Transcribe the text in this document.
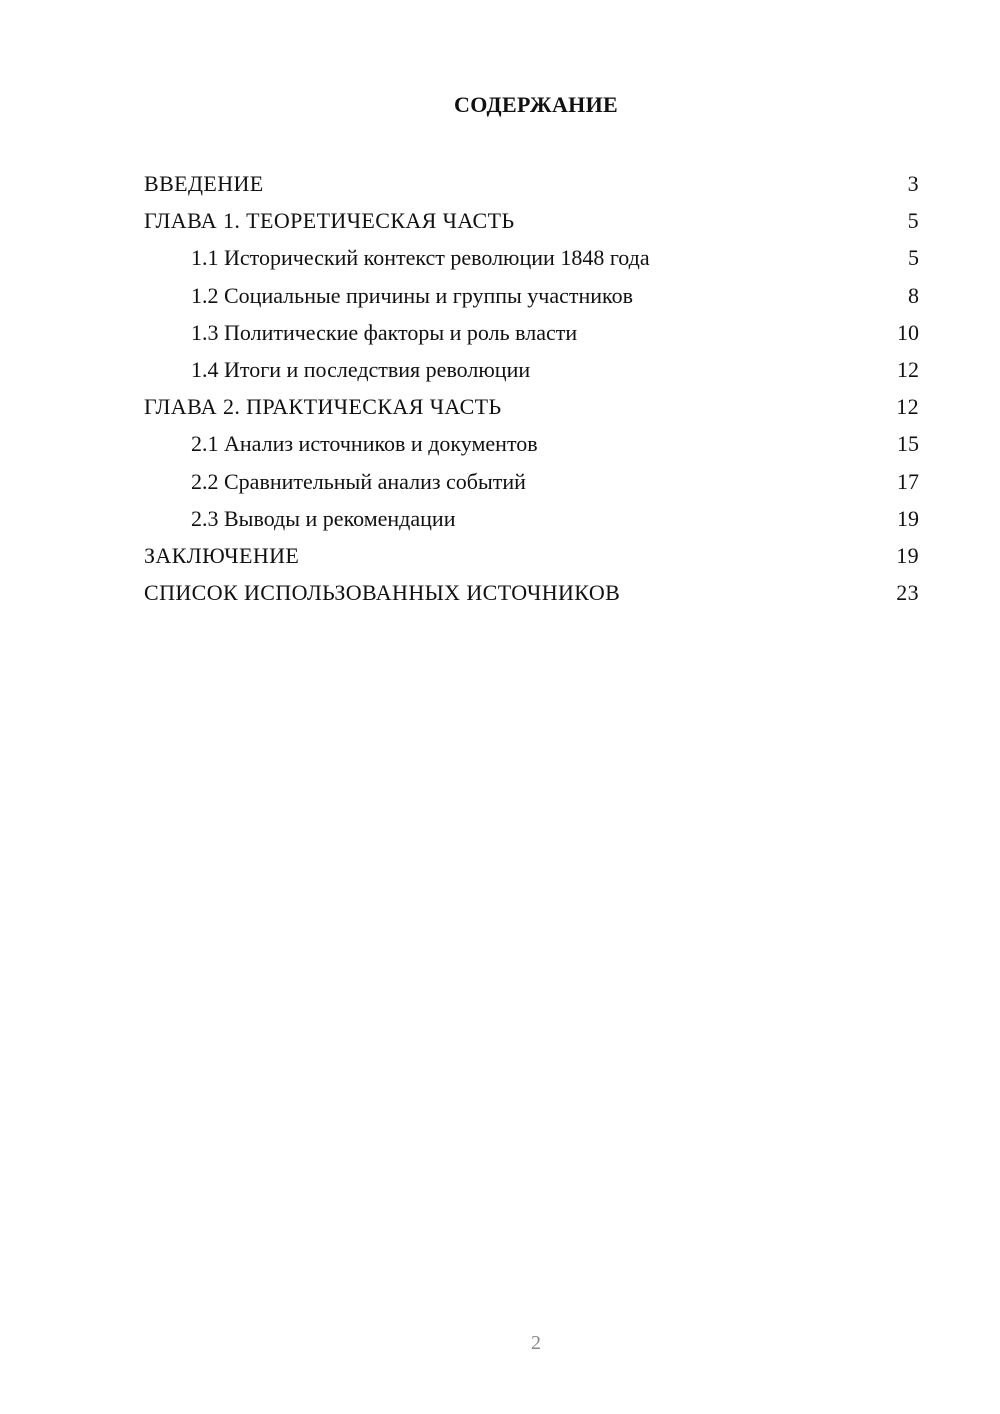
СОДЕРЖАНИЕ
ВВЕДЕНИЕ	3
ГЛАВА 1. ТЕОРЕТИЧЕСКАЯ ЧАСТЬ	5
1.1 Исторический контекст революции 1848 года	5
1.2 Социальные причины и группы участников	8
1.3 Политические факторы и роль власти	10
1.4 Итоги и последствия революции	12
ГЛАВА 2. ПРАКТИЧЕСКАЯ ЧАСТЬ	12
2.1 Анализ источников и документов	15
2.2 Сравнительный анализ событий	17
2.3 Выводы и рекомендации	19
ЗАКЛЮЧЕНИЕ	19
СПИСОК ИСПОЛЬЗОВАННЫХ ИСТОЧНИКОВ	23
2
